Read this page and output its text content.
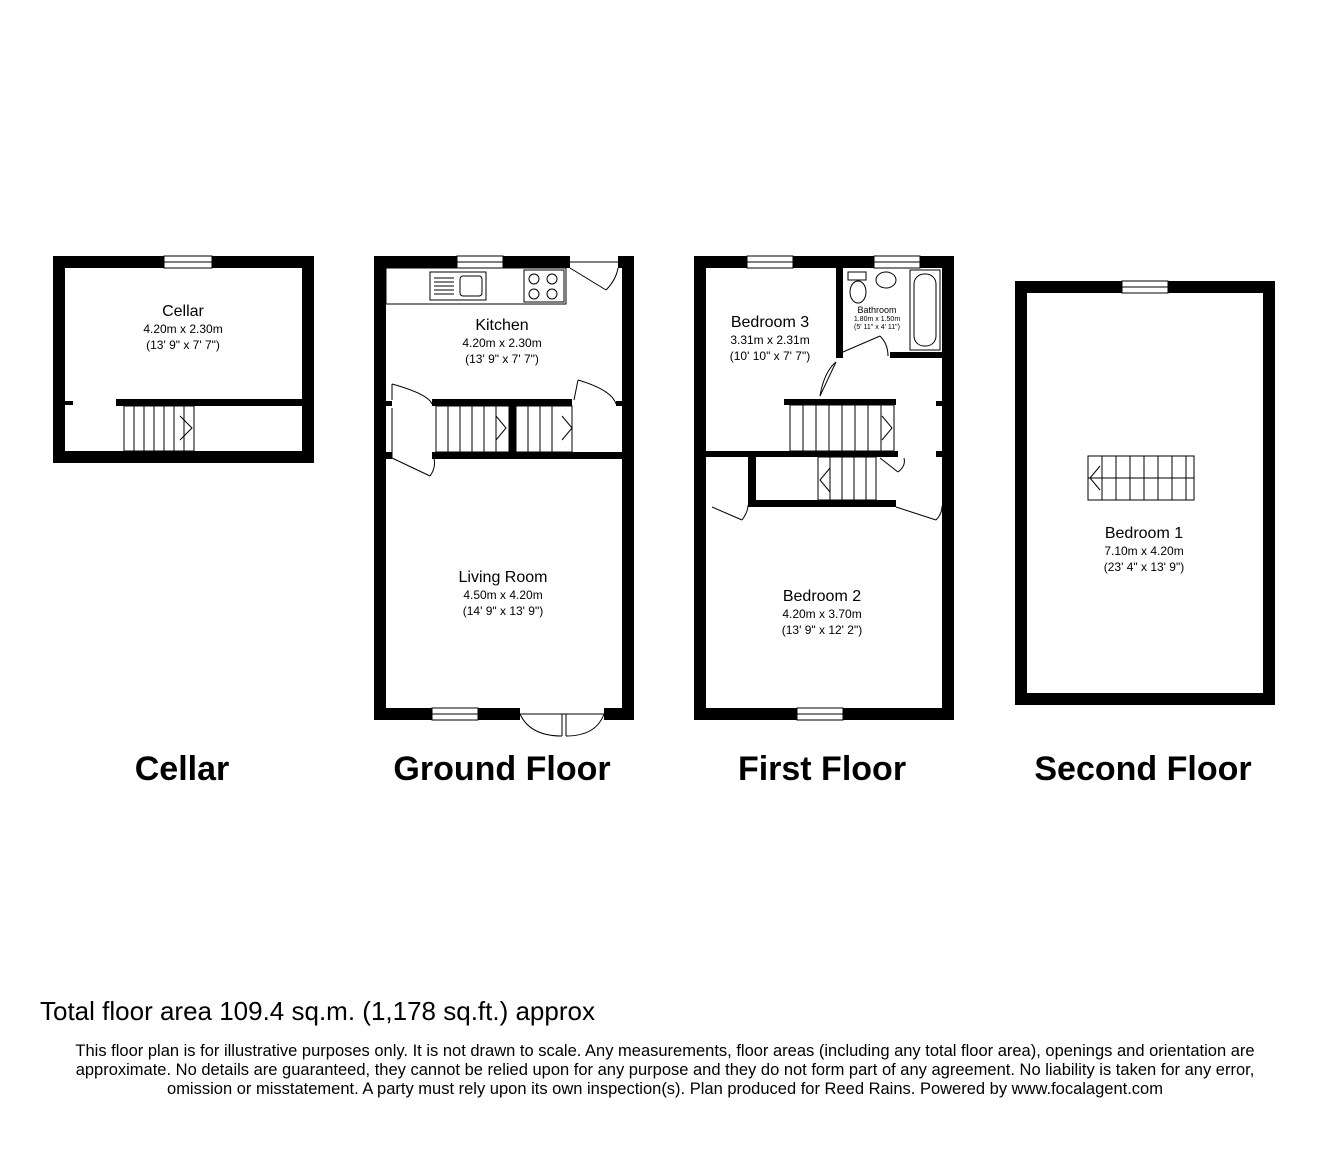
Cellar
4.20m x 2.30m
(13' 9" x 7' 7")
Kitchen
4.20m x 2.30m
(13' 9" x 7' 7")
Living Room
4.50m x 4.20m
(14' 9" x 13' 9")
Bedroom 3
3.31m x 2.31m
(10' 10" x 7' 7")
Bathroom
1.80m x 1.50m
(5' 11" x 4' 11")
Bedroom 2
4.20m x 3.70m
(13' 9" x 12' 2")
Bedroom 1
7.10m x 4.20m
(23' 4" x 13' 9")
Cellar	Ground Floor	First Floor	Second Floor

Total floor area 109.4 sq.m. (1,178 sq.ft.) approx

This floor plan is for illustrative purposes only. It is not drawn to scale. Any measurements, floor areas (including any total floor area), openings and orientation are approximate. No details are guaranteed, they cannot be relied upon for any purpose and they do not form part of any agreement. No liability is taken for any error, omission or misstatement. A party must rely upon its own inspection(s). Plan produced for Reed Rains. Powered by www.focalagent.com
